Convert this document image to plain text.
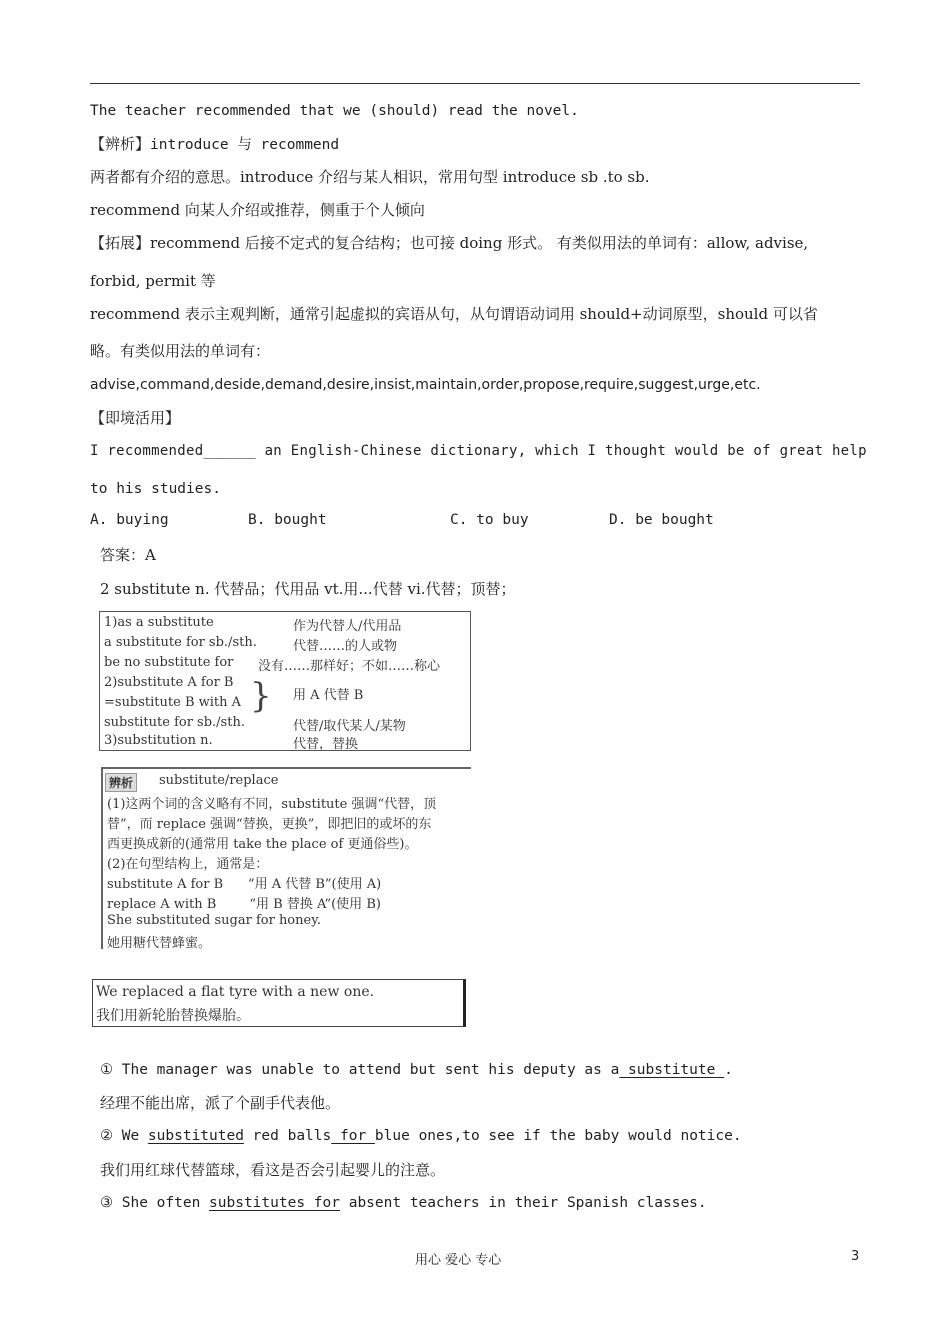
The teacher recommended that we (should) read the novel.
【辨析】introduce 与 recommend
两者都有介绍的意思。introduce 介绍与某人相识，常用句型 introduce sb .to sb.
recommend 向某人介绍或推荐，侧重于个人倾向
【拓展】recommend 后接不定式的复合结构；也可接 doing 形式。 有类似用法的单词有：allow, advise,
forbid, permit 等
recommend 表示主观判断，通常引起虚拟的宾语从句，从句谓语动词用 should+动词原型，should 可以省
略。有类似用法的单词有：
advise,command,deside,demand,desire,insist,maintain,order,propose,require,suggest,urge,etc.
【即境活用】
I recommended______ an English-Chinese dictionary, which I thought would be of great help
to his studies.
A. buying	B. bought	C. to buy	D. be bought
答案：A
2 substitute n. 代替品；代用品 vt.用...代替 vi.代替；顶替；
1)as a substitute	作为代替人/代用品
a substitute for sb./sth.	代替……的人或物
be no substitute for 没有……那样好；不如……称心
2)substitute A for B
=substitute B with A	用 A 代替 B
substitute for sb./sth.	代替/取代某人/某物
3)substitution n.	代替，替换
}
辨析	substitute/replace
(1)这两个词的含义略有不同，substitute 强调“代替，顶
替”，而 replace 强调“替换，更换”，即把旧的或坏的东
西更换成新的(通常用 take the place of 更通俗些)。
(2)在句型结构上，通常是：
substitute A for B      “用 A 代替 B”(使用 A)
replace A with B        “用 B 替换 A”(使用 B)
She substituted sugar for honey.
她用糖代替蜂蜜。
We replaced a flat tyre with a new one.
我们用新轮胎替换爆胎。
① The manager was unable to attend but sent his deputy as a substitute .
经理不能出席，派了个副手代表他。
② We substituted red balls for blue ones,to see if the baby would notice.
我们用红球代替篮球，看这是否会引起婴儿的注意。
③ She often substitutes for absent teachers in their Spanish classes.
用心 爱心 专心	3
